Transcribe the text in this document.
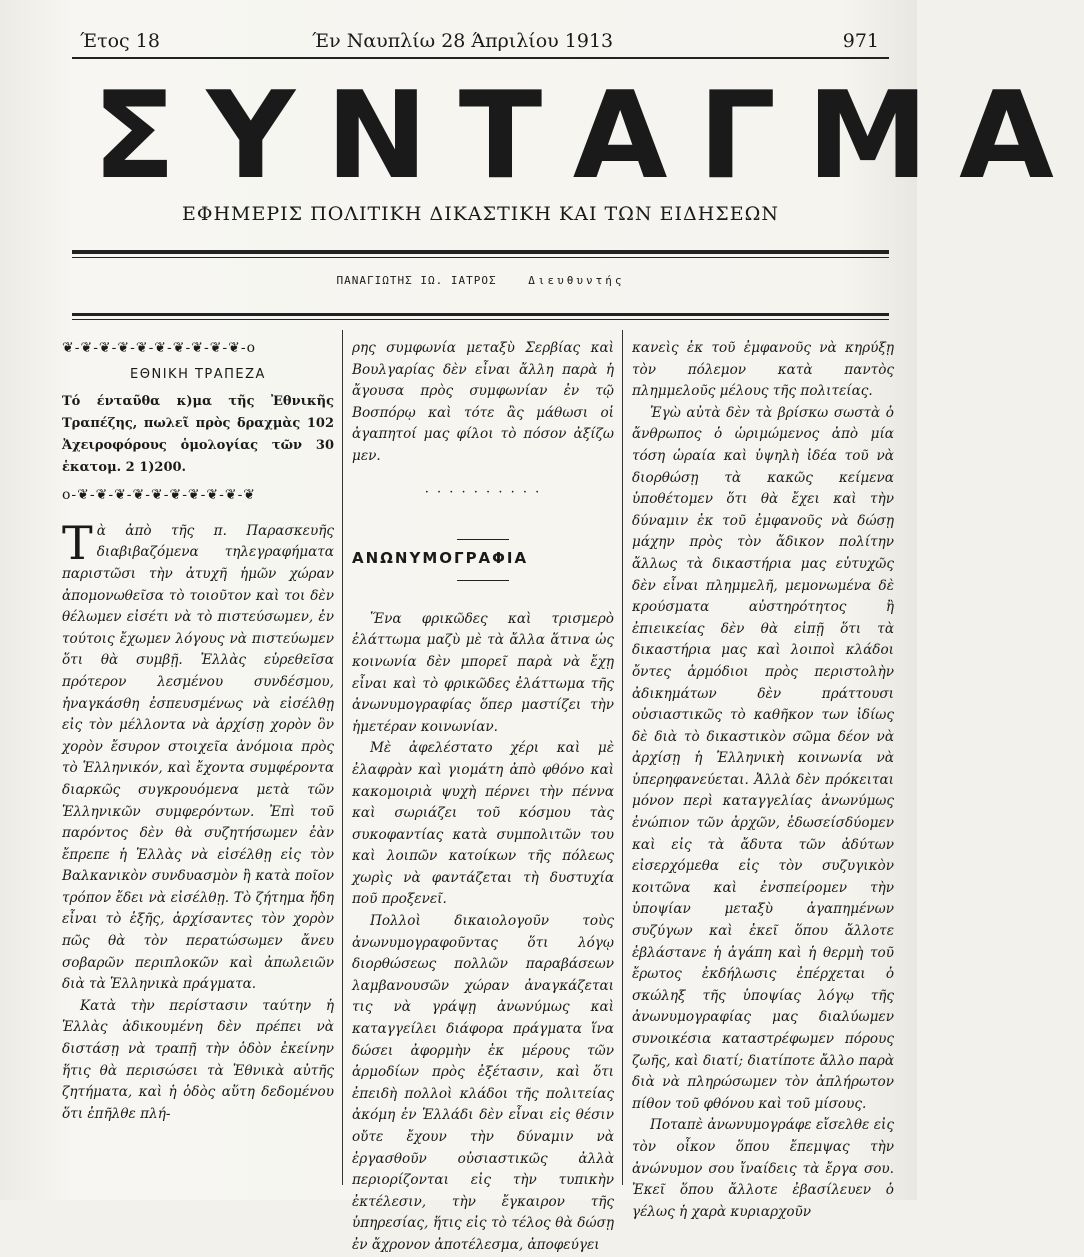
Έτος 18	Έν Ναυπλίω 28 Άπριλίου 1913	971
ΣΥΝΤΑΓΜΑ
ΕΦΗΜΕΡΙΣ ΠΟΛΙΤΙΚΗ ΔΙΚΑΣΤΙΚΗ ΚΑΙ ΤΩΝ ΕΙΔΗΣΕΩΝ
ΠΑΝΑΓΙΩΤΗΣ ΙΩ. ΙΑΤΡΟΣ	Διευθυντής
❦-❦-❦-❦-❦-❦-❦-❦-❦-❦-ο
ΕΘΝΙΚΗ ΤΡΑΠΕΖΑ
Τό ένταῦθα κ)μα τῆς Ἐθνικῆς Τραπέζης, πωλεῖ πρὸς δραχμὰς 102 Ἀχειροφόρους ὁμολογίας τῶν 30 ἑκατομ. 2 1)200.
ο-❦-❦-❦-❦-❦-❦-❦-❦-❦-❦

Τὰ ἀπὸ τῆς π. Παρασκευῆς διαβιβαζόμενα τηλεγραφήματα παριστῶσι τὴν ἀτυχῆ ἡμῶν χώραν ἀπομονωθεῖσα τὸ τοιοῦτον καὶ τοι δὲν θέλωμεν εἰσέτι νὰ τὸ πιστεύσωμεν, ἐν τούτοις ἔχωμεν λόγους νὰ πιστεύωμεν ὅτι θὰ συμβῇ. Ἑλλὰς εὑρεθεῖσα πρότερον λεσμένου συνδέσμου, ἠναγκάσθη ἐσπευσμένως νὰ εἰσέλθῃ εἰς τὸν μέλλοντα νὰ ἀρχίσῃ χορὸν ὃν χορὸν ἔσυρον στοιχεῖα ἀνόμοια πρὸς τὸ Ἑλληνικόν, καὶ ἔχοντα συμφέροντα διαρκῶς συγκρουόμενα μετὰ τῶν Ἑλληνικῶν συμφερόντων. Ἐπὶ τοῦ παρόντος δὲν θὰ συζητήσωμεν ἐὰν ἔπρεπε ἡ Ἑλλὰς νὰ εἰσέλθῃ εἰς τὸν Βαλκανικὸν συνδυασμὸν ἢ κατὰ ποῖον τρόπον ἔδει νὰ εἰσέλθῃ. Τὸ ζήτημα ἤδη εἶναι τὸ ἑξῆς, ἀρχίσαντες τὸν χορὸν πῶς θὰ τὸν περατώσωμεν ἄνευ σοβαρῶν περιπλοκῶν καὶ ἀπωλειῶν διὰ τὰ Ἑλληνικὰ πράγματα.

Κατὰ τὴν περίστασιν ταύτην ἡ Ἑλλὰς ἀδικουμένη δὲν πρέπει νὰ διστάσῃ νὰ τραπῇ τὴν ὁδὸν ἐκείνην ἥτις θὰ περισώσει τὰ Ἐθνικὰ αὐτῆς ζητήματα, καὶ ἡ ὁδὸς αὕτη δεδομένου ὅτι ἐπῆλθε πλή-

ρης συμφωνία μεταξὺ Σερβίας καὶ Βουλγαρίας δὲν εἶναι ἄλλη παρὰ ἡ ἄγουσα πρὸς συμφωνίαν ἐν τῷ Βοσπόρῳ καὶ τότε ἂς μάθωσι οἱ ἀγαπητοί μας φίλοι τὸ πόσον ἀξίζω μεν.

· · · · · · · · · ·

ΑΝΩΝΥΜΟΓΡΑΦΙΑ

Ἕνα φρικῶδες καὶ τρισμερὸ ἐλάττωμα μαζὺ μὲ τὰ ἄλλα ἅτινα ὡς κοινωνία δὲν μπορεῖ παρὰ νὰ ἔχῃ εἶναι καὶ τὸ φρικῶδες ἐλάττωμα τῆς ἀνωνυμογραφίας ὅπερ μαστίζει τὴν ἡμετέραν κοινωνίαν.

Μὲ ἀφελέστατο χέρι καὶ μὲ ἐλαφρὰν καὶ γιομάτη ἀπὸ φθόνο καὶ κακομοιριὰ ψυχὴ πέρνει τὴν πέννα καὶ σωριάζει τοῦ κόσμου τὰς συκοφαντίας κατὰ συμπολιτῶν του καὶ λοιπῶν κατοίκων τῆς πόλεως χωρὶς νὰ φαντάζεται τὴ δυστυχία ποῦ προξενεῖ.

Πολλοὶ δικαιολογοῦν τοὺς ἀνωνυμογραφοῦντας ὅτι λόγῳ διορθώσεως πολλῶν παραβάσεων λαμβανουσῶν χώραν ἀναγκάζεται τις νὰ γράψῃ ἀνωνύμως καὶ καταγγείλει διάφορα πράγματα ἵνα δώσει ἀφορμὴν ἐκ μέρους τῶν ἁρμοδίων πρὸς ἐξέτασιν, καὶ ὅτι ἐπειδὴ πολλοὶ κλάδοι τῆς πολιτείας ἀκόμη ἐν Ἑλλάδι δὲν εἶναι εἰς θέσιν οὔτε ἔχουν τὴν δύναμιν νὰ ἐργασθοῦν οὐσιαστικῶς ἀλλὰ περιορίζονται εἰς τὴν τυπικὴν ἐκτέλεσιν, τὴν ἔγκαιρον τῆς ὑπηρεσίας, ἥτις εἰς τὸ τέλος θὰ δώσῃ ἐν ἄχρονον ἀποτέλεσμα, ἀποφεύγει

κανεὶς ἐκ τοῦ ἐμφανοῦς νὰ κηρύξῃ τὸν πόλεμον κατὰ παντὸς πλημμελοῦς μέλους τῆς πολιτείας.

Ἐγὼ αὐτὰ δὲν τὰ βρίσκω σωστὰ ὁ ἄνθρωπος ὁ ὡριμώμενος ἀπὸ μία τόση ὡραία καὶ ὑψηλὴ ἰδέα τοῦ νὰ διορθώσῃ τὰ κακῶς κείμενα ὑποθέτομεν ὅτι θὰ ἔχει καὶ τὴν δύναμιν ἐκ τοῦ ἐμφανοῦς νὰ δώσῃ μάχην πρὸς τὸν ἄδικον πολίτην ἄλλως τὰ δικαστήρια μας εὐτυχῶς δὲν εἶναι πλημμελῆ, μεμονωμένα δὲ κρούσματα αὐστηρότητος ἢ ἐπιεικείας δὲν θὰ εἰπῇ ὅτι τὰ δικαστήρια μας καὶ λοιποὶ κλάδοι ὄντες ἁρμόδιοι πρὸς περιστολὴν ἀδικημάτων δὲν πράττουσι οὐσιαστικῶς τὸ καθῆκον των ἰδίως δὲ διὰ τὸ δικαστικὸν σῶμα δέον νὰ ἀρχίσῃ ἡ Ἑλληνικὴ κοινωνία νὰ ὑπερηφανεύεται. Ἀλλὰ δὲν πρόκειται μόνον περὶ καταγγελίας ἀνωνύμως ἐνώπιον τῶν ἀρχῶν, ἐδωσείσδύομεν καὶ εἰς τὰ ἄδυτα τῶν ἀδύτων εἰσερχόμεθα εἰς τὸν συζυγικὸν κοιτῶνα καὶ ἐνσπείρομεν τὴν ὑποψίαν μεταξὺ ἀγαπημένων συζύγων καὶ ἐκεῖ ὅπου ἄλλοτε ἐβλάστανε ἡ ἀγάπη καὶ ἡ θερμὴ τοῦ ἔρωτος ἐκδήλωσις ἐπέρχεται ὁ σκώληξ τῆς ὑποψίας λόγῳ τῆς ἀνωνυμογραφίας μας διαλύωμεν συνοικέσια καταστρέφωμεν πόρους ζωῆς, καὶ διατί; διατίποτε ἄλλο παρὰ διὰ νὰ πληρώσωμεν τὸν ἀπλήρωτον πίθον τοῦ φθόνου καὶ τοῦ μίσους.

Ποταπὲ ἀνωνυμογράφε εἴσελθε εἰς τὸν οἶκον ὅπου ἔπεμψας τὴν ἀνώνυμον σου ἴναίδεις τὰ ἔργα σου. Ἐκεῖ ὅπου ἄλλοτε ἐβασίλευεν ὁ γέλως ἡ χαρὰ κυριαρχοῦν
